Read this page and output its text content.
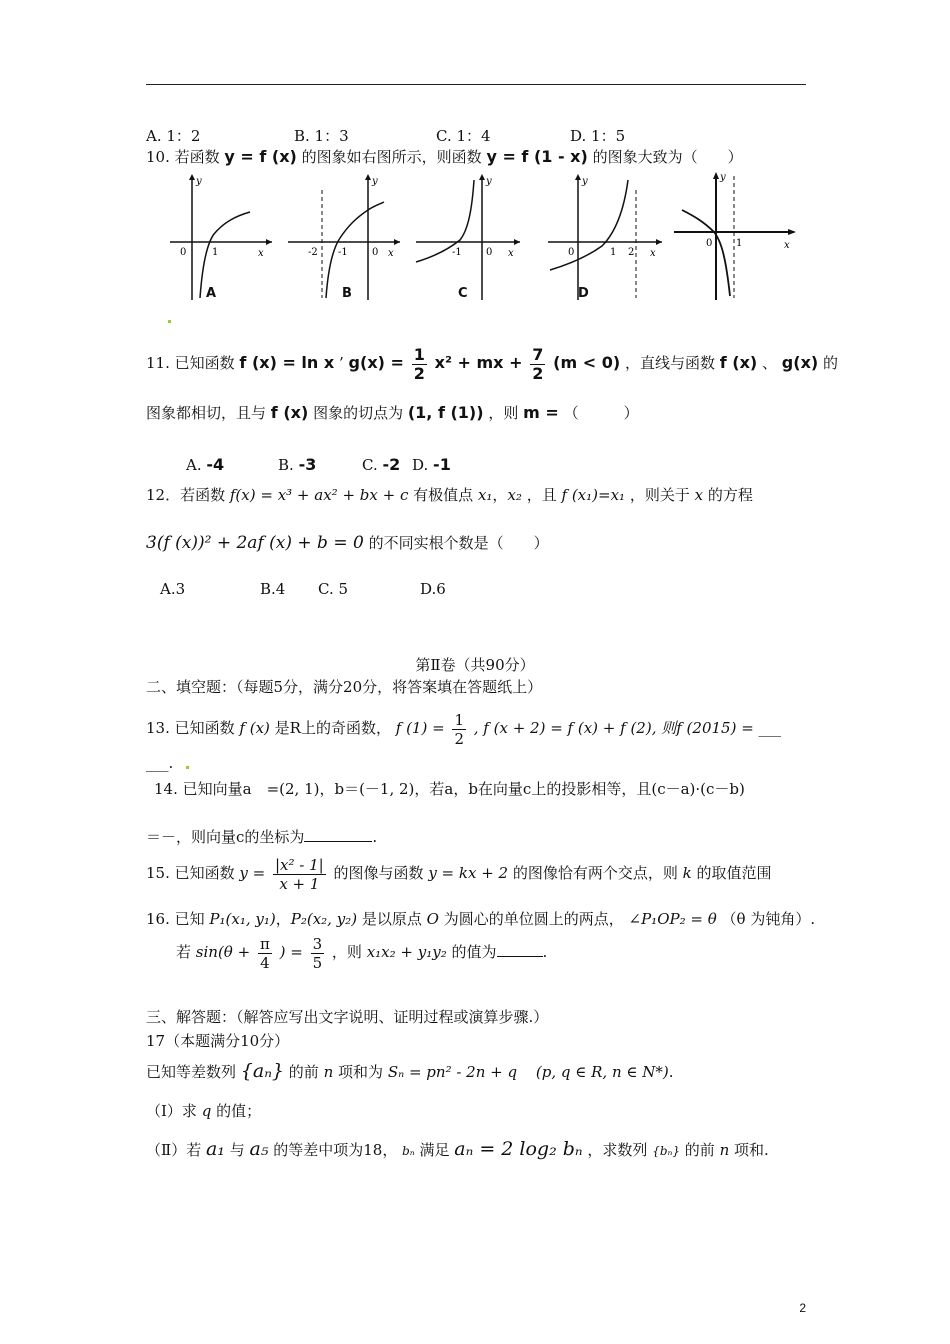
A. 1：2	B. 1：3	C. 1：4	D. 1：5
10. 若函数 y = f (x) 的图象如右图所示，则函数 y = f (1 - x) 的图象大致为（　　）
y
0	1	x
A
y
-2 -1 0 x
B
y
-1 0 x
C
y
0	1 2 x
D
y
0 1	x
11. 已知函数 f (x) = ln x ’ $g(x) = \frac{1}{2} x^2$ + mx + $\frac{7}{2} (m < 0)$ ，直线与函数 f (x) 、 g(x) 的
图象都相切，且与 f (x) 图象的切点为 (1, f (1)) ，则 m = （　　　）
A. -4	B. -3	C. -2 D. -1
12．若函数 f(x) = x³ + ax² + bx + c 有极值点 x₁，x₂ ，且 f (x₁)=x₁ ，则关于 x 的方程
3(f (x))² + 2af (x) + b = 0 的不同实根个数是（　　）
A.3	B.4 C. 5	D.6
第Ⅱ卷（共90分）
二、填空题：（每题5分，满分20分，将答案填在答题纸上）
13. 已知函数 f (x) 是R上的奇函数， f $(1) = \frac{1}{2}$ , f (x + 2) = f (x) + f (2), 则f (2015) = ___
___.
14. 已知向量a　=(2, 1)，b＝(－1, 2)，若a，b在向量c上的投影相等，且(c－a)·(c－b)
＝－，则向量c的坐标为	.
15. 已知函数 $y = \frac{\text{|x² - 1|}}{x + 1}$ 的图像与函数 y = kx + 2 的图像恰有两个交点，则 k 的取值范围
16. 已知 P₁(x₁, y₁)，P₂(x₂, y₂) 是以原点 O 为圆心的单位圆上的两点， ∠P₁OP₂ = θ （θ 为钝角）.
若 $\sin(\theta + \frac{\pi}{4}$ ) = $\frac{3}{5}$ ，则 x₁x₂ + y₁y₂ 的值为	.
三、解答题：（解答应写出文字说明、证明过程或演算步骤.）
17（本题满分10分）
已知等差数列 {aₙ} 的前 n 项和为 Sₙ = pn² - 2n + q (p, q ∈ R, n ∈ N*).
（Ⅰ）求 q 的值；
（Ⅱ）若 a₁ 与 a₅ 的等差中项为18， bₙ 满足 aₙ = 2 log₂ bₙ ，求数列 {bₙ} 的前 n 项和.
2
